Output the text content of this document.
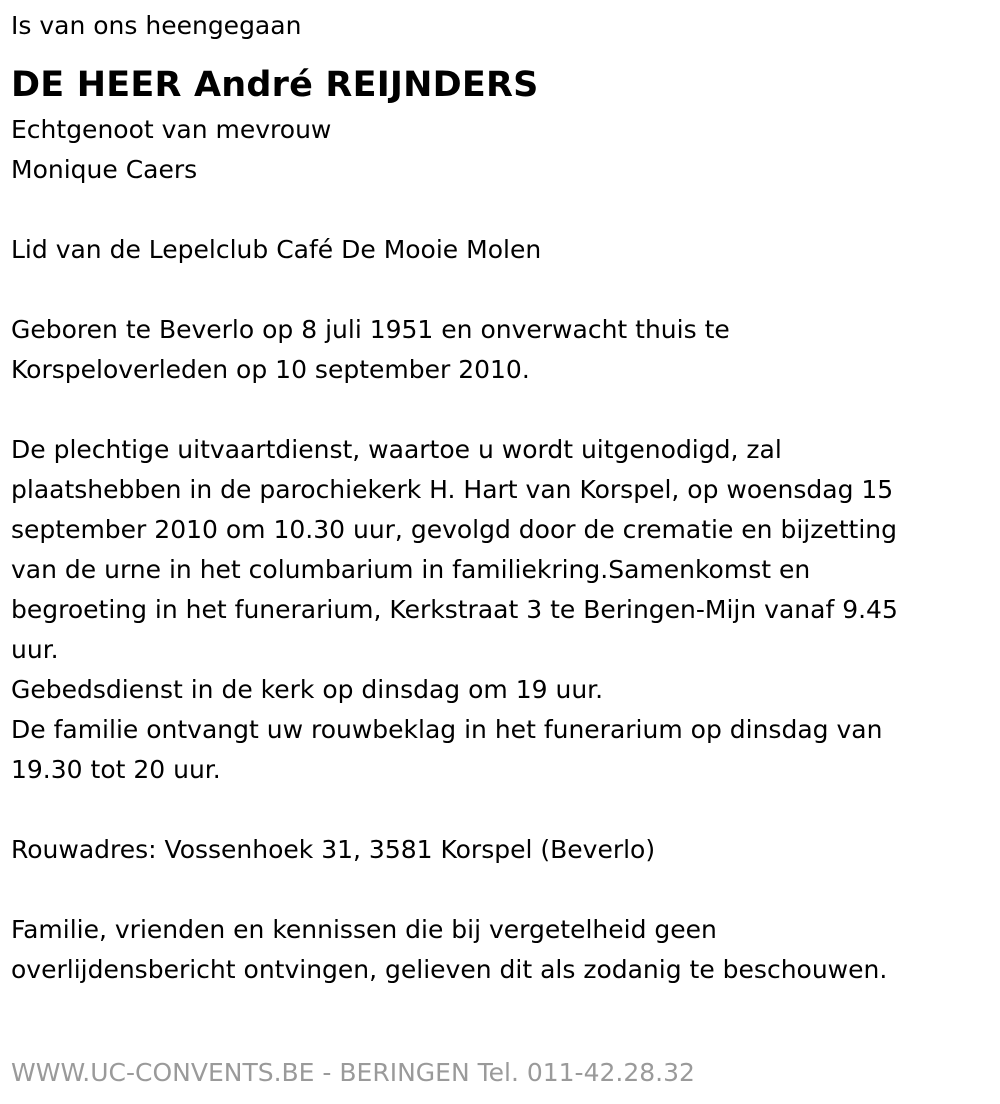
Is van ons heengegaan

DE HEER André REIJNDERS

Echtgenoot van mevrouw

Monique Caers

Lid van de Lepelclub Café De Mooie Molen

Geboren te Beverlo op 8 juli 1951 en onverwacht thuis te

Korspeloverleden op 10 september 2010.

De plechtige uitvaartdienst, waartoe u wordt uitgenodigd, zal

plaatshebben in de parochiekerk H. Hart van Korspel, op woensdag 15

september 2010 om 10.30 uur, gevolgd door de crematie en bijzetting

van de urne in het columbarium in familiekring.Samenkomst en

begroeting in het funerarium, Kerkstraat 3 te Beringen-Mijn vanaf 9.45

uur.

Gebedsdienst in de kerk op dinsdag om 19 uur.

De familie ontvangt uw rouwbeklag in het funerarium op dinsdag van

19.30 tot 20 uur.

Rouwadres: Vossenhoek 31, 3581 Korspel (Beverlo)

Familie, vrienden en kennissen die bij vergetelheid geen

overlijdensbericht ontvingen, gelieven dit als zodanig te beschouwen.

WWW.UC-CONVENTS.BE - BERINGEN Tel. 011-42.28.32
